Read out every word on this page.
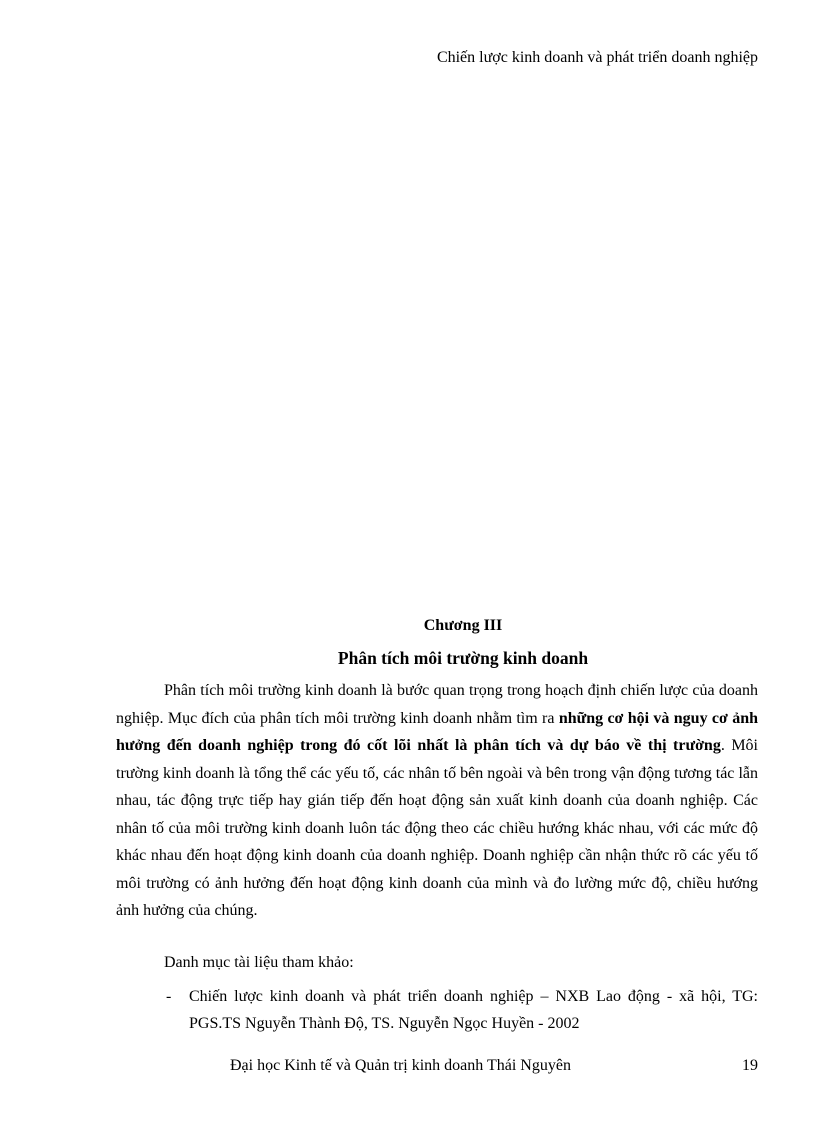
Chiến lược kinh doanh và phát triển doanh nghiệp
Chương III
Phân tích môi trường kinh doanh

Phân tích môi trường kinh doanh là bước quan trọng trong hoạch định chiến lược của doanh nghiệp. Mục đích của phân tích môi trường kinh doanh nhằm tìm ra những cơ hội và nguy cơ ảnh hưởng đến doanh nghiệp trong đó cốt lõi nhất là phân tích và dự báo về thị trường. Môi trường kinh doanh là tổng thể các yếu tố, các nhân tố bên ngoài và bên trong vận động tương tác lẫn nhau, tác động trực tiếp hay gián tiếp đến hoạt động sản xuất kinh doanh của doanh nghiệp. Các nhân tố của môi trường kinh doanh luôn tác động theo các chiều hướng khác nhau, với các mức độ khác nhau đến hoạt động kinh doanh của doanh nghiệp. Doanh nghiệp cần nhận thức rõ các yếu tố môi trường có ảnh hưởng đến hoạt động kinh doanh của mình và đo lường mức độ, chiều hướng ảnh hưởng của chúng.

Danh mục tài liệu tham khảo:
- Chiến lược kinh doanh và phát triển doanh nghiệp – NXB Lao động - xã hội, TG: PGS.TS Nguyễn Thành Độ, TS. Nguyễn Ngọc Huyền - 2002
Đại học Kinh tế và Quản trị kinh doanh Thái Nguyên	19
